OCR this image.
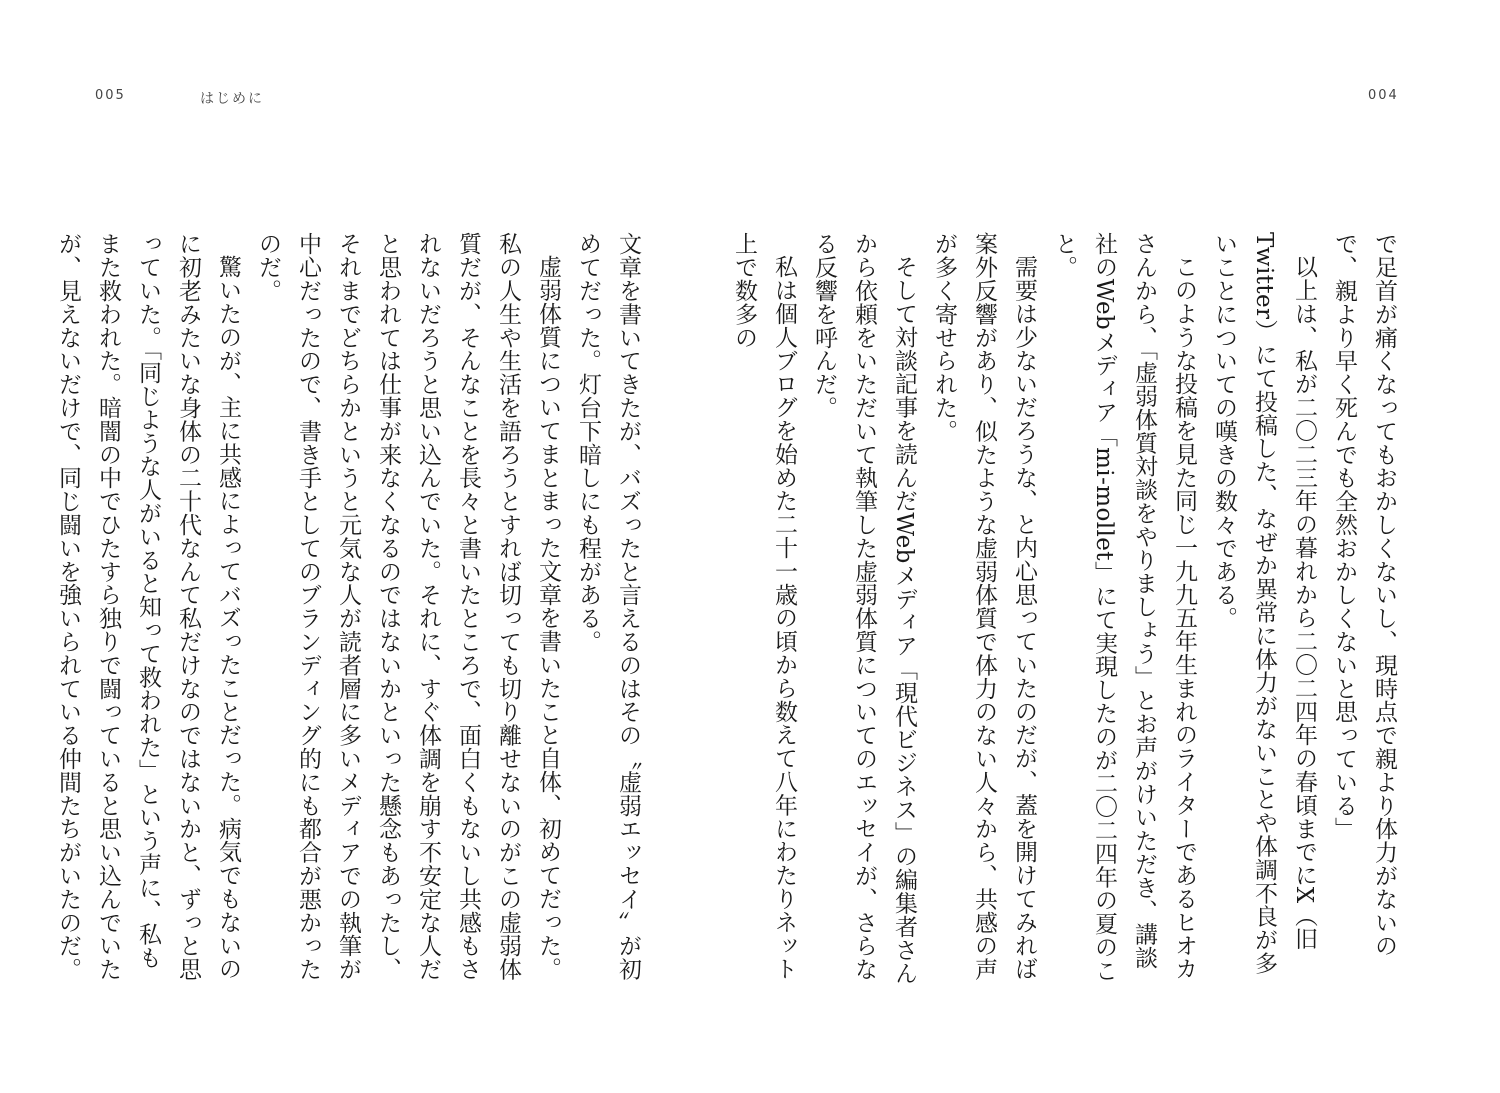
005	はじめに	004

で足首が痛くなってもおかしくないし、現時点で親より体力がないので、親より早く死んでも全然おかしくないと思っている」

以上は、私が二〇二三年の暮れから二〇二四年の春頃までにX（旧Twitter）にて投稿した、なぜか異常に体力がないことや体調不良が多いことについての嘆きの数々である。

このような投稿を見た同じ一九九五年生まれのライターであるヒオカさんから、「虚弱体質対談をやりましょう」とお声がけいただき、講談社のWebメディア「mi-mollet」にて実現したのが二〇二四年の夏のこと。

需要は少ないだろうな、と内心思っていたのだが、蓋を開けてみれば案外反響があり、似たような虚弱体質で体力のない人々から、共感の声が多く寄せられた。

そして対談記事を読んだWebメディア「現代ビジネス」の編集者さんから依頼をいただいて執筆した虚弱体質についてのエッセイが、さらなる反響を呼んだ。

私は個人ブログを始めた二十一歳の頃から数えて八年にわたりネット上で数多の

文章を書いてきたが、バズったと言えるのはその〝虚弱エッセイ〟が初めてだった。灯台下暗しにも程がある。

虚弱体質についてまとまった文章を書いたこと自体、初めてだった。私の人生や生活を語ろうとすれば切っても切り離せないのがこの虚弱体質だが、そんなことを長々と書いたところで、面白くもないし共感もされないだろうと思い込んでいた。それに、すぐ体調を崩す不安定な人だと思われては仕事が来なくなるのではないかといった懸念もあったし、それまでどちらかというと元気な人が読者層に多いメディアでの執筆が中心だったので、書き手としてのブランディング的にも都合が悪かったのだ。

驚いたのが、主に共感によってバズったことだった。病気でもないのに初老みたいな身体の二十代なんて私だけなのではないかと、ずっと思っていた。「同じような人がいると知って救われた」という声に、私もまた救われた。暗闇の中でひたすら独りで闘っていると思い込んでいたが、見えないだけで、同じ闘いを強いられている仲間たちがいたのだ。
